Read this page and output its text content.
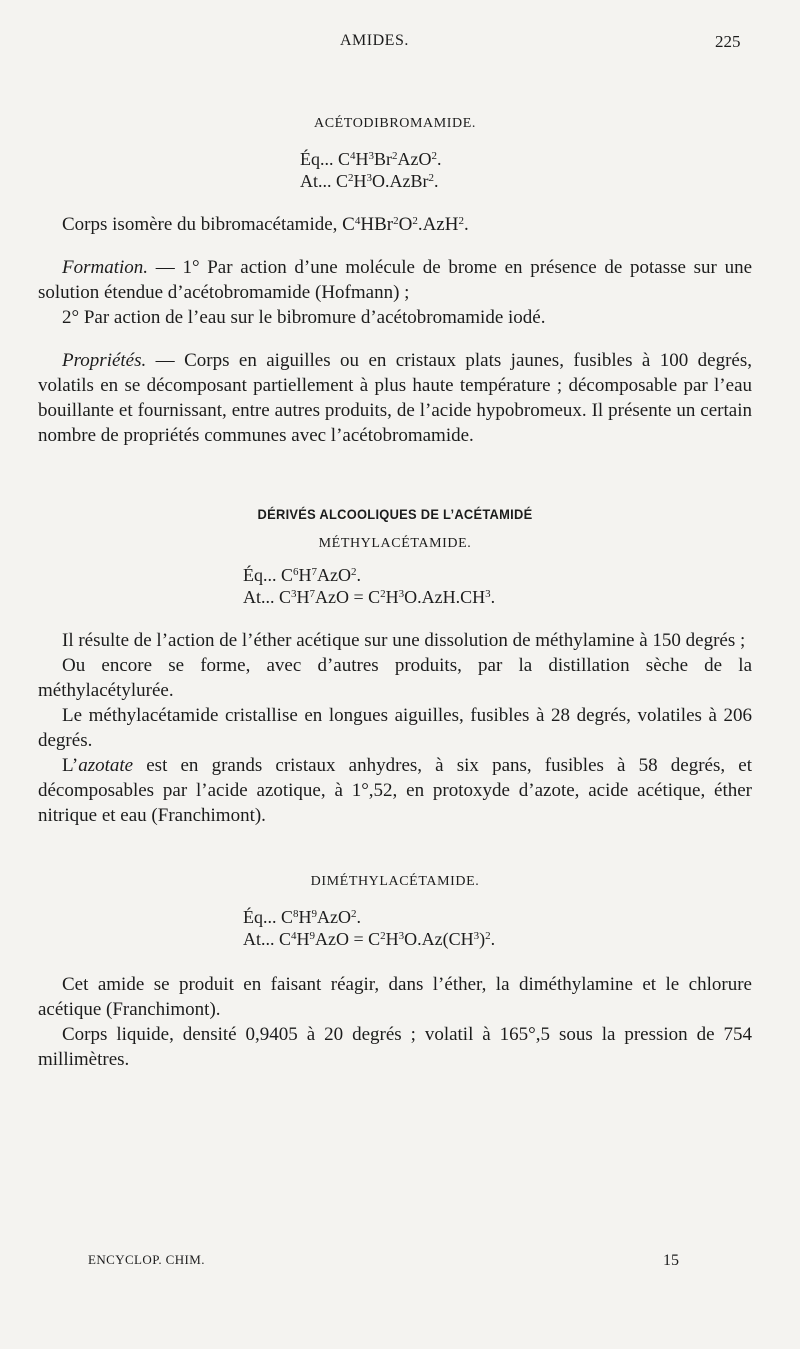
AMIDES.	225
ACÉTODIBROMAMIDE.
Éq... $C^4H^3Br^2AzO^2$.
At... $C^2H^3O.AzBr^2$.

Corps isomère du bibromacétamide, $C^4HBr^2O^2.AzH^2$.

Formation. — 1° Par action d’une molécule de brome en présence de potasse sur une solution étendue d’acétobromamide (Hofmann) ;

2° Par action de l’eau sur le bibromure d’acétobromamide iodé.

Propriétés. — Corps en aiguilles ou en cristaux plats jaunes, fusibles à 100 degrés, volatils en se décomposant partiellement à plus haute température ; décomposable par l’eau bouillante et fournissant, entre autres produits, de l’acide hypobromeux. Il présente un certain nombre de propriétés communes avec l’acétobromamide.

DÉRIVÉS ALCOOLIQUES DE L’ACÉTAMIDÉ
MÉTHYLACÉTAMIDE.
Éq... $C^6H^7AzO^2$.
At... $C^3H^7AzO = C^2H^3O.AzH.CH^3$.

Il résulte de l’action de l’éther acétique sur une dissolution de méthylamine à 150 degrés ;

Ou encore se forme, avec d’autres produits, par la distillation sèche de la méthylacétylurée.

Le méthylacétamide cristallise en longues aiguilles, fusibles à 28 degrés, volatiles à 206 degrés.

L’azotate est en grands cristaux anhydres, à six pans, fusibles à 58 degrés, et décomposables par l’acide azotique, à 1°,52, en protoxyde d’azote, acide acétique, éther nitrique et eau (Franchimont).

DIMÉTHYLACÉTAMIDE.
Éq... $C^8H^9AzO^2$.
At... $C^4H^9AzO = C^2H^3O.Az(CH^3)^2$.

Cet amide se produit en faisant réagir, dans l’éther, la diméthylamine et le chlorure acétique (Franchimont).

Corps liquide, densité 0,9405 à 20 degrés ; volatil à 165°,5 sous la pression de 754 millimètres.

ENCYCLOP. CHIM.	15
